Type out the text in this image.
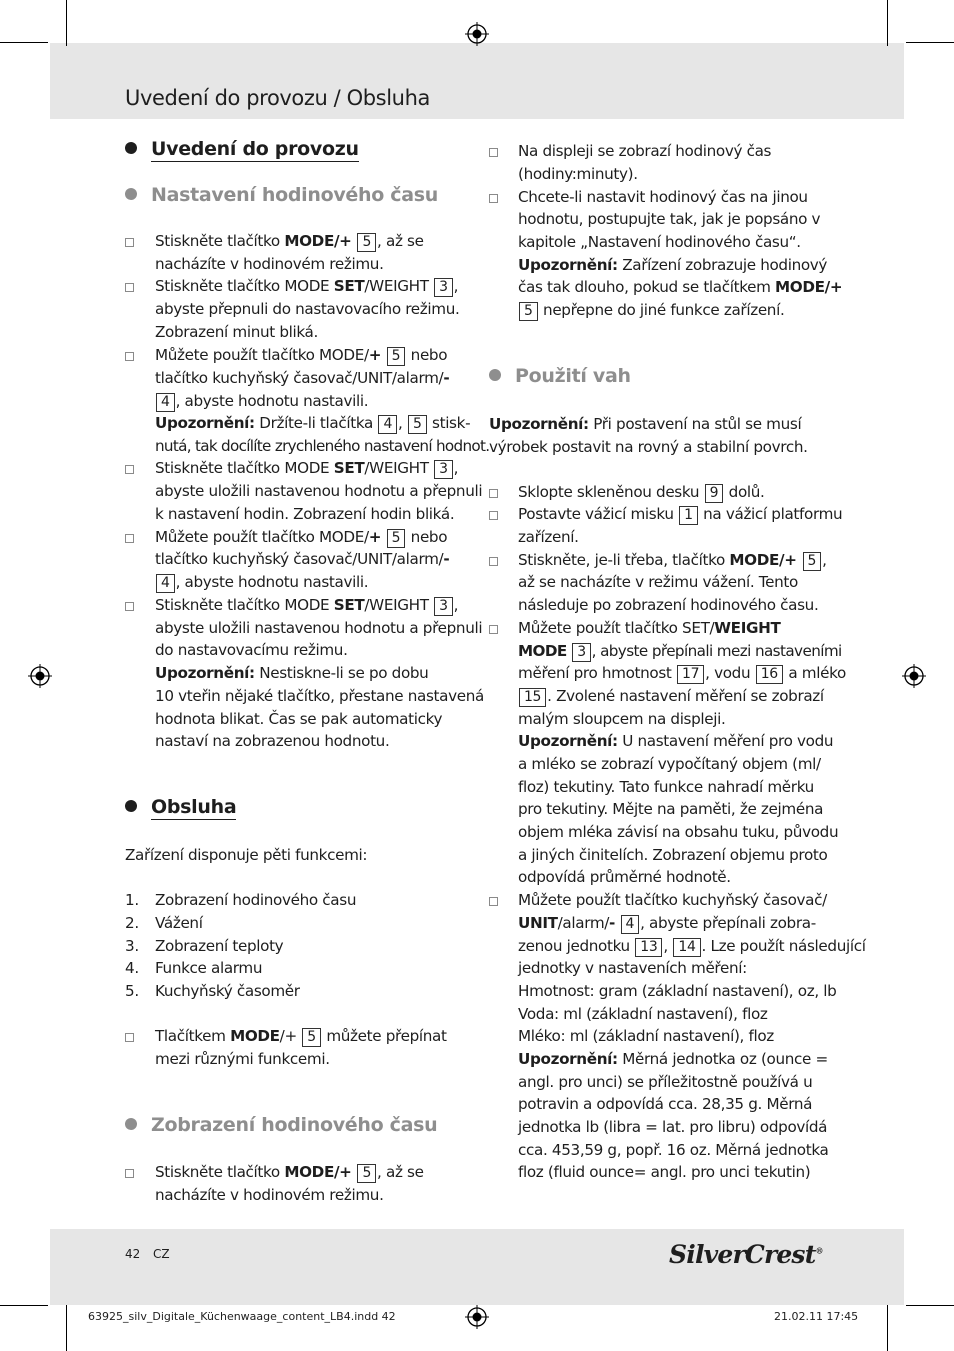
Uvedení do provozu / Obsluha
Uvedení do provozu
Nastavení hodinového času
Stiskněte tlačítko MODE/+ 5 , až se
nacházíte v hodinovém režimu.
Stiskněte tlačítko MODE SET/WEIGHT 3 ,
abyste přepnuli do nastavovacího režimu.
Zobrazení minut bliká.
Můžete použít tlačítko MODE/+ 5 nebo
tlačítko kuchyňský časovač/UNIT/alarm/-
4 , abyste hodnotu nastavili.
Upozornění: Držíte-li tlačítka 4 , 5 stisk-
nutá, tak docílíte zrychleného nastavení hodnot.
Stiskněte tlačítko MODE SET/WEIGHT 3 ,
abyste uložili nastavenou hodnotu a přepnuli
k nastavení hodin. Zobrazení hodin bliká.
Můžete použít tlačítko MODE/+ 5 nebo
tlačítko kuchyňský časovač/UNIT/alarm/-
4 , abyste hodnotu nastavili.
Stiskněte tlačítko MODE SET/WEIGHT 3 ,
abyste uložili nastavenou hodnotu a přepnuli
do nastavovacímu režimu.
Upozornění: Nestiskne-li se po dobu
10 vteřin nějaké tlačítko, přestane nastavená
hodnota blikat. Čas se pak automaticky
nastaví na zobrazenou hodnotu.
Obsluha
Zařízení disponuje pěti funkcemi:
1. Zobrazení hodinového času
2. Vážení
3. Zobrazení teploty
4. Funkce alarmu
5. Kuchyňský časoměr
Tlačítkem MODE/+ 5 můžete přepínat
mezi různými funkcemi.
Zobrazení hodinového času
Stiskněte tlačítko MODE/+ 5 , až se
nacházíte v hodinovém režimu.
Na displeji se zobrazí hodinový čas
(hodiny:minuty).
Chcete-li nastavit hodinový čas na jinou
hodnotu, postupujte tak, jak je popsáno v
kapitole „Nastavení hodinového času“.
Upozornění: Zařízení zobrazuje hodinový
čas tak dlouho, pokud se tlačítkem MODE/+
5 nepřepne do jiné funkce zařízení.
Použití vah
Upozornění: Při postavení na stůl se musí
výrobek postavit na rovný a stabilní povrch.
Sklopte skleněnou desku 9 dolů.
Postavte vážicí misku 1 na vážicí platformu
zařízení.
Stiskněte, je-li třeba, tlačítko MODE/+ 5 ,
až se nacházíte v režimu vážení. Tento
následuje po zobrazení hodinového času.
Můžete použít tlačítko SET/WEIGHT
MODE 3 , abyste přepínali mezi nastaveními
měření pro hmotnost 17 , vodu 16 a mléko
15 . Zvolené nastavení měření se zobrazí
malým sloupcem na displeji.
Upozornění: U nastavení měření pro vodu
a mléko se zobrazí vypočítaný objem (ml/
floz) tekutiny. Tato funkce nahradí měrku
pro tekutiny. Mějte na paměti, že zejména
objem mléka závisí na obsahu tuku, původu
a jiných činitelích. Zobrazení objemu proto
odpovídá průměrné hodnotě.
Můžete použít tlačítko kuchyňský časovač/
UNIT/alarm/- 4 , abyste přepínali zobra-
zenou jednotku 13 , 14 . Lze použít následující
jednotky v nastaveních měření:
Hmotnost: gram (základní nastavení), oz, lb
Voda: ml (základní nastavení), floz
Mléko: ml (základní nastavení), floz
Upozornění: Měrná jednotka oz (ounce =
angl. pro unci) se příležitostně používá u
potravin a odpovídá cca. 28,35 g. Měrná
jednotka lb (libra = lat. pro libru) odpovídá
cca. 453,59 g, popř. 16 oz. Měrná jednotka
floz (fluid ounce= angl. pro unci tekutin)
42 CZ	SilverCrest®
63925_silv_Digitale_Küchenwaage_content_LB4.indd 42	21.02.11 17:45
